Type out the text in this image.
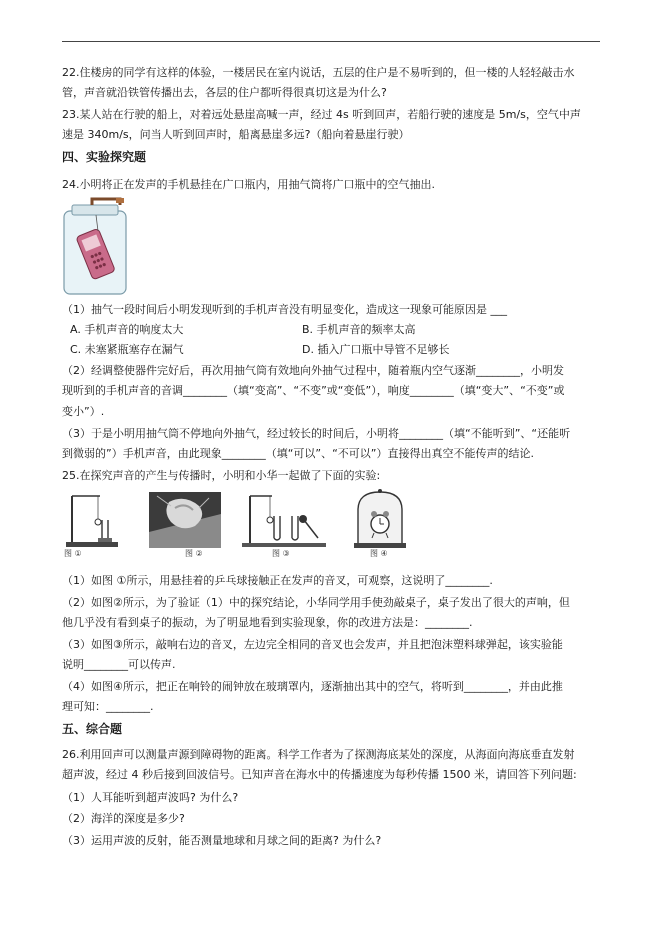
22.住楼房的同学有这样的体验，一楼居民在室内说话，五层的住户是不易听到的，但一楼的人轻轻敲击水
管，声音就沿铁管传播出去，各层的住户都听得很真切这是为什么?
23.某人站在行驶的船上，对着远处悬崖高喊一声，经过 4s 听到回声，若船行驶的速度是 5m/s，空气中声
速是 340m/s，问当人听到回声时，船离悬崖多远?（船向着悬崖行驶）
四、实验探究题
24.小明将正在发声的手机悬挂在广口瓶内，用抽气筒将广口瓶中的空气抽出.
（1）抽气一段时间后小明发现听到的手机声音没有明显变化，造成这一现象可能原因是 ___
A. 手机声音的响度太大	B. 手机声音的频率太高
C. 未塞紧瓶塞存在漏气	D. 插入广口瓶中导管不足够长
（2）经调整使器件完好后，再次用抽气筒有效地向外抽气过程中，随着瓶内空气逐渐________，小明发
现听到的手机声音的音调________（填“变高”、“不变”或“变低”），响度________（填“变大”、“不变”或
变小”）.
（3）于是小明用抽气筒不停地向外抽气，经过较长的时间后，小明将________（填“不能听到”、“还能听
到微弱的”）手机声音，由此现象________（填“可以”、“不可以”）直接得出真空不能传声的结论.
25.在探究声音的产生与传播时，小明和小华一起做了下面的实验:
图 ①	图 ②	图 ③	图 ④
（1）如图 ①所示，用悬挂着的乒乓球接触正在发声的音叉，可观察，这说明了________.
（2）如图②所示，为了验证（1）中的探究结论，小华同学用手使劲敲桌子，桌子发出了很大的声响，但
他几乎没有看到桌子的振动，为了明显地看到实验现象，你的改进方法是：________.
（3）如图③所示，敲响右边的音叉，左边完全相同的音叉也会发声，并且把泡沫塑料球弹起，该实验能
说明________可以传声.
（4）如图④所示，把正在响铃的闹钟放在玻璃罩内，逐渐抽出其中的空气，将听到________，并由此推
理可知：________.
五、综合题
26.利用回声可以测量声源到障碍物的距离。科学工作者为了探测海底某处的深度，从海面向海底垂直发射
超声波，经过 4 秒后接到回波信号。已知声音在海水中的传播速度为每秒传播 1500 米，请回答下列问题:
（1）人耳能听到超声波吗? 为什么?
（2）海洋的深度是多少?
（3）运用声波的反射，能否测量地球和月球之间的距离? 为什么?
